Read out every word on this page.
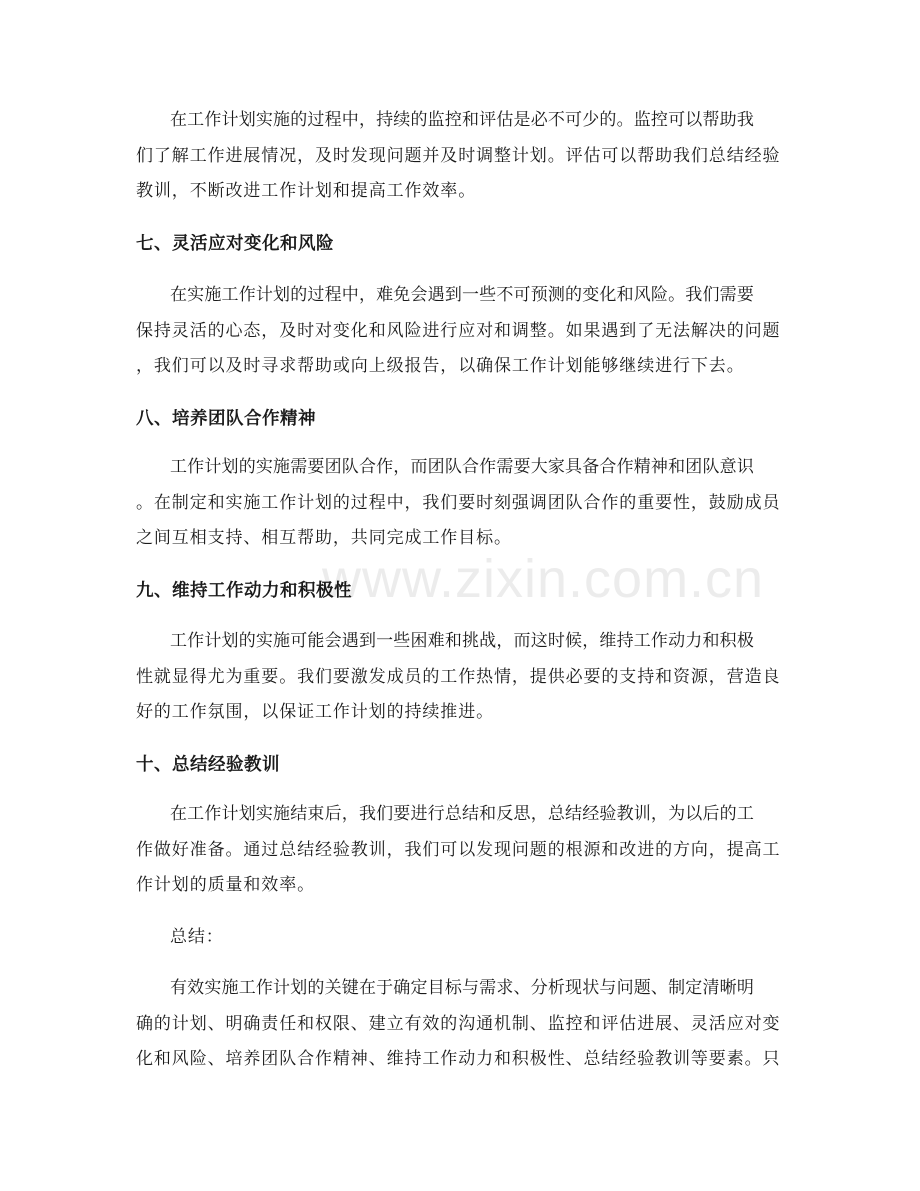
www.zixin.com.cn

在工作计划实施的过程中，持续的监控和评估是必不可少的。监控可以帮助我
们了解工作进展情况，及时发现问题并及时调整计划。评估可以帮助我们总结经验
教训，不断改进工作计划和提高工作效率。

七、灵活应对变化和风险

在实施工作计划的过程中，难免会遇到一些不可预测的变化和风险。我们需要
保持灵活的心态，及时对变化和风险进行应对和调整。如果遇到了无法解决的问题
，我们可以及时寻求帮助或向上级报告，以确保工作计划能够继续进行下去。

八、培养团队合作精神

工作计划的实施需要团队合作，而团队合作需要大家具备合作精神和团队意识
。在制定和实施工作计划的过程中，我们要时刻强调团队合作的重要性，鼓励成员
之间互相支持、相互帮助，共同完成工作目标。

九、维持工作动力和积极性

工作计划的实施可能会遇到一些困难和挑战，而这时候，维持工作动力和积极
性就显得尤为重要。我们要激发成员的工作热情，提供必要的支持和资源，营造良
好的工作氛围，以保证工作计划的持续推进。

十、总结经验教训

在工作计划实施结束后，我们要进行总结和反思，总结经验教训，为以后的工
作做好准备。通过总结经验教训，我们可以发现问题的根源和改进的方向，提高工
作计划的质量和效率。

总结：

有效实施工作计划的关键在于确定目标与需求、分析现状与问题、制定清晰明
确的计划、明确责任和权限、建立有效的沟通机制、监控和评估进展、灵活应对变
化和风险、培养团队合作精神、维持工作动力和积极性、总结经验教训等要素。只
